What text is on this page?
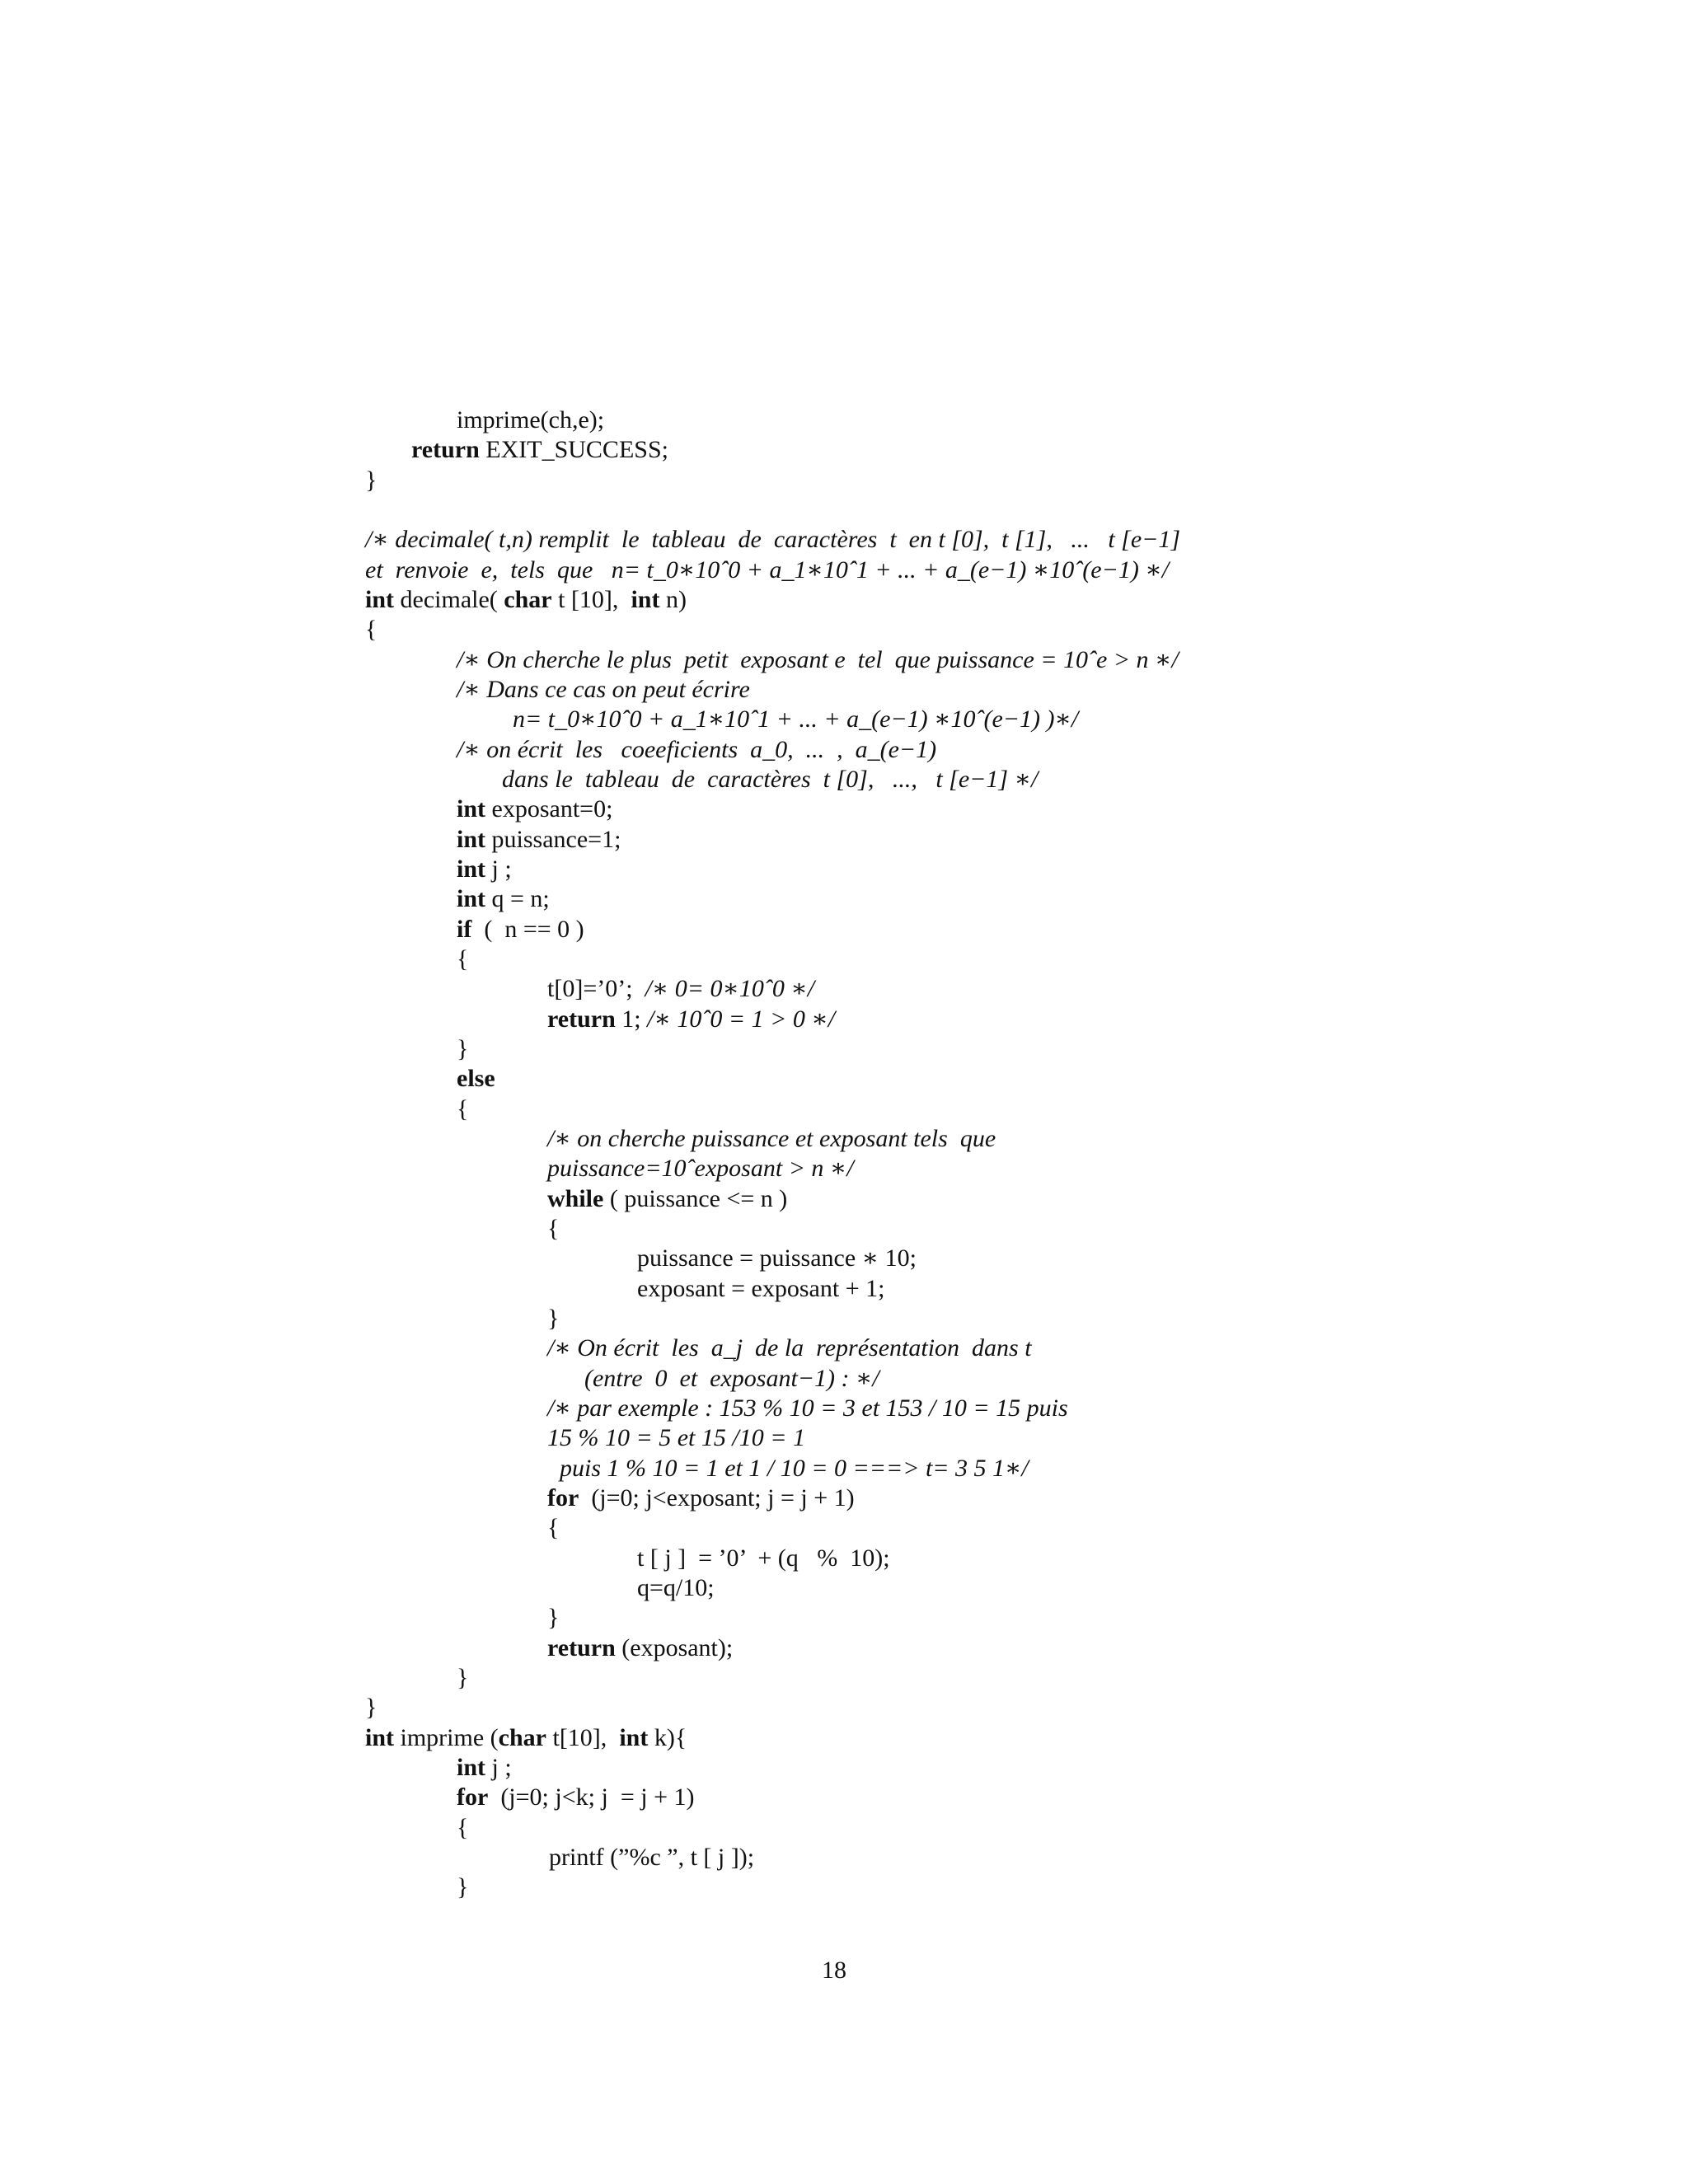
imprime(ch,e);
return EXIT_SUCCESS;
}
/∗ decimale( t,n) remplit  le  tableau  de  caractères  t  en t [0],  t [1],   ...   t [e−1]
et  renvoie  e,  tels  que   n= t_0∗10ˆ0 + a_1∗10ˆ1 + ... + a_(e−1) ∗10ˆ(e−1) ∗/
int decimale( char t [10],  int n)
{
/∗ On cherche le plus  petit  exposant e  tel  que puissance = 10ˆe > n ∗/
/∗ Dans ce cas on peut écrire
n= t_0∗10ˆ0 + a_1∗10ˆ1 + ... + a_(e−1) ∗10ˆ(e−1) )∗/
/∗ on écrit  les   coeeficients  a_0,  ...  ,  a_(e−1)
dans le  tableau  de  caractères  t [0],   ...,   t [e−1] ∗/
int exposant=0;
int puissance=1;
int j ;
int q = n;
if  (  n == 0 )
{
t[0]=’0’;  /∗ 0= 0∗10ˆ0 ∗/
return 1; /∗ 10ˆ0 = 1 > 0 ∗/
}
else
{
/∗ on cherche puissance et exposant tels  que
puissance=10ˆexposant > n ∗/
while ( puissance <= n )
{
puissance = puissance ∗ 10;
exposant = exposant + 1;
}
/∗ On écrit  les  a_j  de la  représentation  dans t
(entre  0  et  exposant−1) : ∗/
/∗ par exemple : 153 % 10 = 3 et 153 / 10 = 15 puis
15 % 10 = 5 et 15 /10 = 1
puis 1 % 10 = 1 et 1 / 10 = 0 ===> t= 3 5 1∗/
for  (j=0; j<exposant; j = j + 1)
{
t [ j ]  = ’0’  + (q   %  10);
q=q/10;
}
return (exposant);
}
}
int imprime (char t[10],  int k){
int j ;
for  (j=0; j<k; j  = j + 1)
{
printf (”%c ”, t [ j ]);
}
18
